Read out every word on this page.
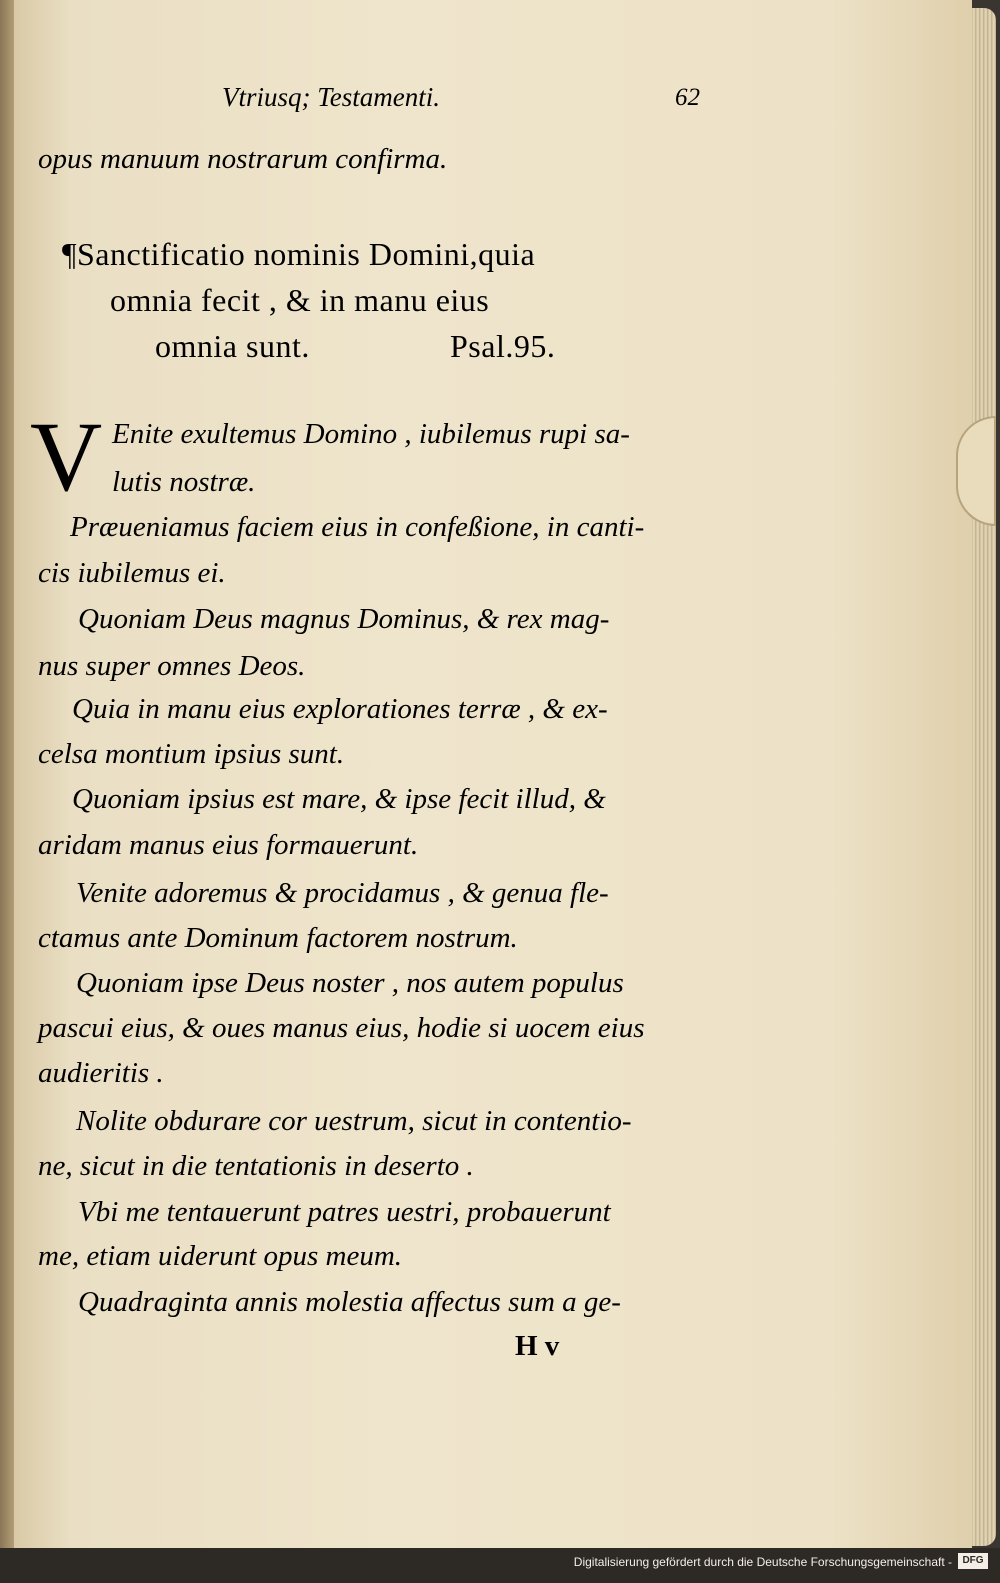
Vtriusq; Testamenti.	62
opus manuum nostrarum confirma.
¶Sanctificatio nominis Domini,quia
omnia fecit , & in manu eius
omnia sunt.	Psal.95.
V Enite exultemus Domino , iubilemus rupi sa-
lutis nostræ.
Præueniamus faciem eius in confeßione, in canti-
cis iubilemus ei.
Quoniam Deus magnus Dominus, & rex mag-
nus super omnes Deos.
Quia in manu eius explorationes terræ , & ex-
celsa montium ipsius sunt.
Quoniam ipsius est mare, & ipse fecit illud, &
aridam manus eius formauerunt.
Venite adoremus & procidamus , & genua fle-
ctamus ante Dominum factorem nostrum.
Quoniam ipse Deus noster , nos autem populus
pascui eius, & oues manus eius, hodie si uocem eius
audieritis .
Nolite obdurare cor uestrum, sicut in contentio-
ne, sicut in die tentationis in deserto .
Vbi me tentauerunt patres uestri, probauerunt
me, etiam uiderunt opus meum.
Quadraginta annis molestia affectus sum a ge-
H v
Digitalisierung gefördert durch die Deutsche Forschungsgemeinschaft -	DFG
